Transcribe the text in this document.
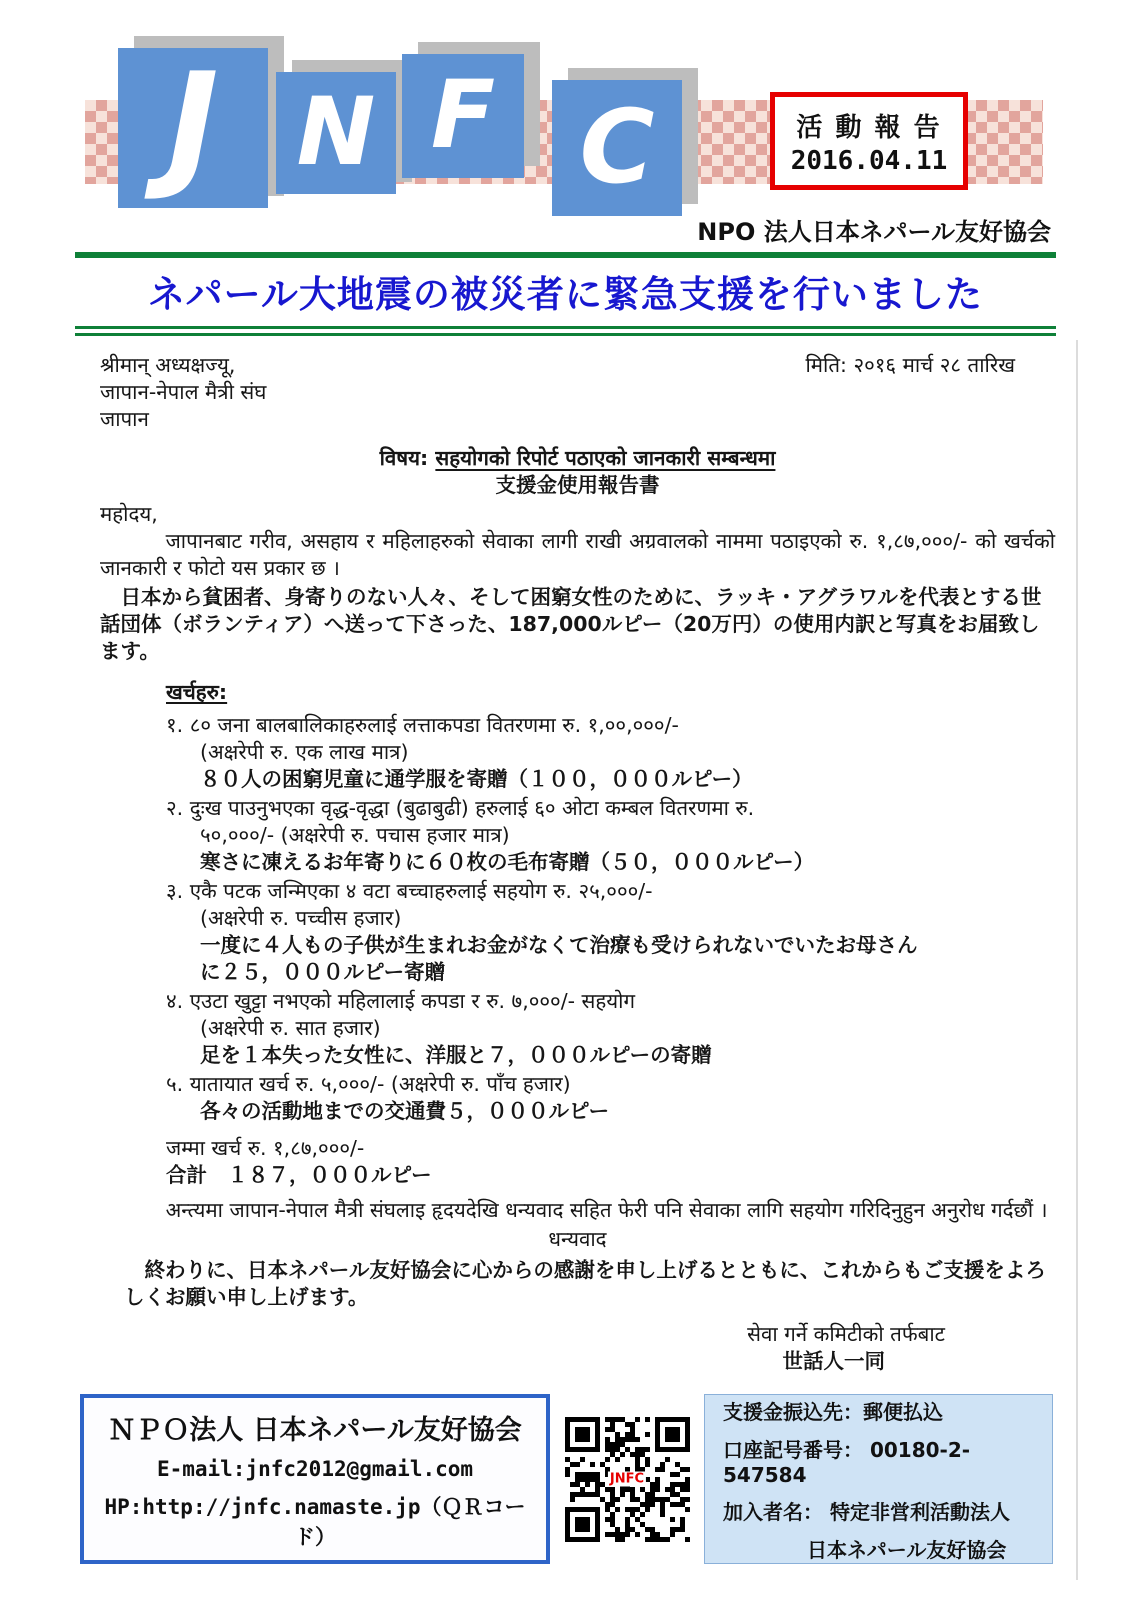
J N F C	活 動 報 告
2016.04.11
NPO 法人日本ネパール友好協会
ネパール大地震の被災者に緊急支援を行いました
श्रीमान् अध्यक्षज्यू,	मिति: २०१६ मार्च २८ तारिख
जापान-नेपाल मैत्री संघ
जापान
विषय: सहयोगको रिपोर्ट पठाएको जानकारी सम्बन्धमा
支援金使用報告書
महोदय,
जापानबाट गरीव, असहाय र महिलाहरुको सेवाका लागी राखी अग्रवालको नाममा पठाइएको रु. १,८७,०००/- को खर्चको जानकारी र फोटो यस प्रकार छ ।
日本から貧困者、身寄りのない人々、そして困窮女性のために、ラッキ・アグラワルを代表とする世話団体（ボランティア）へ送って下さった、187,000ルピー（20万円）の使用内訳と写真をお届致します。
खर्चहरु:
१. ८० जना बालबालिकाहरुलाई लत्ताकपडा वितरणमा रु. १,००,०००/-
(अक्षरेपी रु. एक लाख मात्र)
８０人の困窮児童に通学服を寄贈（１００，０００ルピー）
२. दुःख पाउनुभएका वृद्ध-वृद्धा (बुढाबुढी) हरुलाई ६० ओटा कम्बल वितरणमा रु.
५०,०००/- (अक्षरेपी रु. पचास हजार मात्र)
寒さに凍えるお年寄りに６０枚の毛布寄贈（５０，０００ルピー）
३. एकै पटक जन्मिएका ४ वटा बच्चाहरुलाई सहयोग रु. २५,०००/-
(अक्षरेपी रु. पच्चीस हजार)
一度に４人もの子供が生まれお金がなくて治療も受けられないでいたお母さん
に２５，０００ルピー寄贈
४. एउटा खुट्टा नभएको महिलालाई कपडा र रु. ७,०००/- सहयोग
(अक्षरेपी रु. सात हजार)
足を１本失った女性に、洋服と７，０００ルピーの寄贈
५. यातायात खर्च रु. ५,०००/- (अक्षरेपी रु. पाँच हजार)
各々の活動地までの交通費５，０００ルピー
जम्मा खर्च रु. १,८७,०००/-
合計　１８７，０００ルピー
अन्त्यमा जापान-नेपाल मैत्री संघलाइ हृदयदेखि धन्यवाद सहित फेरी पनि सेवाका लागि सहयोग गरिदिनुहुन अनुरोध गर्दछौं ।
धन्यवाद
終わりに、日本ネパール友好協会に心からの感謝を申し上げるとともに、これからもご支援をよろしくお願い申し上げます。
सेवा गर्ने कमिटीको तर्फबाट
世話人一同
ＮＰＯ法人 日本ネパール友好協会
E-mail:jnfc2012@gmail.com
HP:http://jnfc.namaste.jp（ＱＲコード）
JNFC
支援金振込先：郵便払込
口座記号番号： 00180-2-547584
加入者名： 特定非営利活動法人
日本ネパール友好協会
